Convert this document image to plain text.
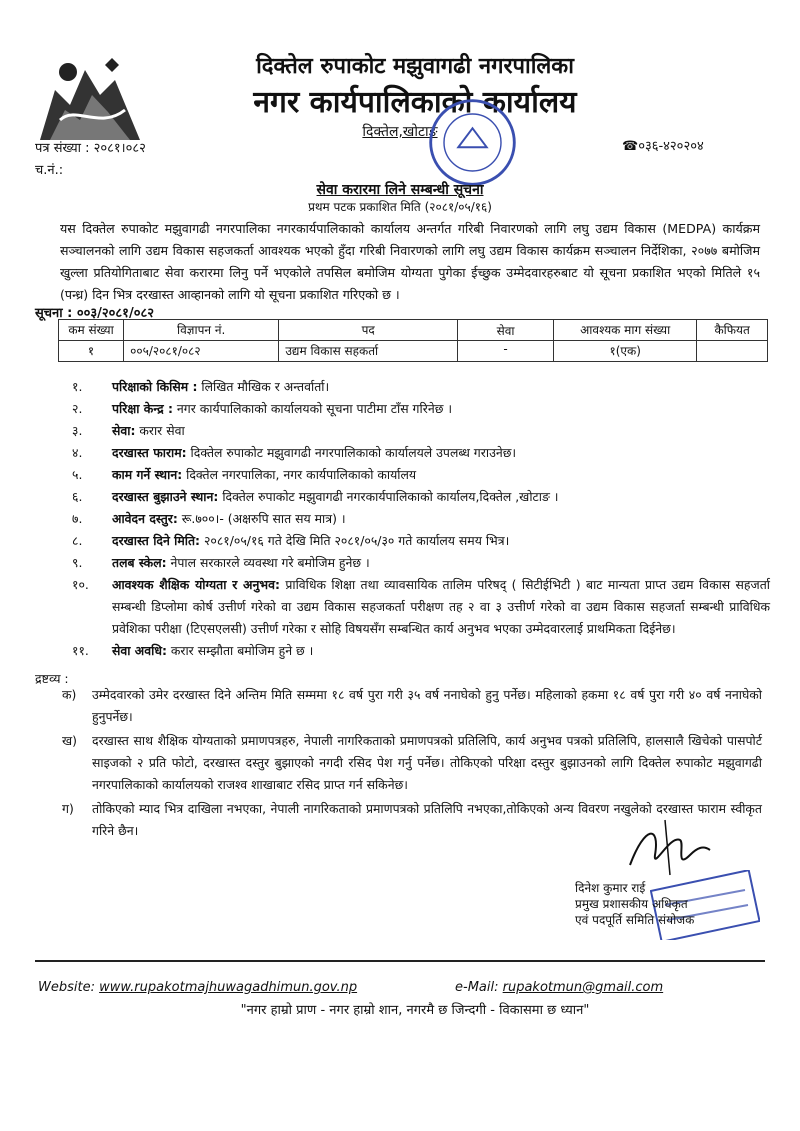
दिक्तेल रुपाकोट मझुवागढी नगरपालिका
नगर कार्यपालिकाको कार्यालय
दिक्तेल,खोटाङ
पत्र संख्या : २०८१।०८२
च.नं.:
☎०३६-४२०२०४
सेवा करारमा लिने सम्बन्धी सूचना
प्रथम पटक प्रकाशित मिति (२०८१/०५/१६)
यस दिक्तेल रुपाकोट मझुवागढी नगरपालिका नगरकार्यपालिकाको कार्यालय अन्तर्गत गरिबी निवारणको लागि लघु उद्यम विकास (MEDPA) कार्यक्रम सञ्चालनको लागि उद्यम विकास सहजकर्ता आवश्यक भएको हुँदा गरिबी निवारणको लागि लघु उद्यम विकास कार्यक्रम सञ्चालन निर्देशिका, २०७७ बमोजिम खुल्ला प्रतियोगिताबाट सेवा करारमा लिनु पर्ने भएकोले तपसिल बमोजिम योग्यता पुगेका ईच्छुक उम्मेदवारहरुबाट यो सूचना प्रकाशित भएको मितिले १५ (पन्ध्र) दिन भित्र दरखास्त आव्हानको लागि यो सूचना प्रकाशित गरिएको छ ।
सूचना : ००३/२०८१/०८२
कम संख्या	विज्ञापन नं.	पद	सेवा	आवश्यक माग संख्या	कैफियत
१	००५/२०८१/०८२	उद्यम विकास सहकर्ता	-	१(एक)	
१.	परिक्षाको किसिम : लिखित मौखिक र अन्तर्वार्ता।
२.	परिक्षा केन्द्र : नगर कार्यपालिकाको कार्यालयको सूचना पाटीमा टाँस गरिनेछ ।
३.	सेवा: करार सेवा
४.	दरखास्त फाराम: दिक्तेल रुपाकोट मझुवागढी नगरपालिकाको कार्यालयले उपलब्ध गराउनेछ।
५.	काम गर्ने स्थान: दिक्तेल नगरपालिका, नगर कार्यपालिकाको कार्यालय
६.	दरखास्त बुझाउने स्थान: दिक्तेल रुपाकोट मझुवागढी नगरकार्यपालिकाको कार्यालय,दिक्तेल ,खोटाङ ।
७.	आवेदन दस्तुर: रू.७००।- (अक्षरुपि सात सय मात्र) ।
८.	दरखास्त दिने मिति: २०८१/०५/१६ गते देखि मिति २०८१/०५/३० गते कार्यालय समय भित्र।
९.	तलब स्केल: नेपाल सरकारले व्यवस्था गरे बमोजिम हुनेछ ।
१०.	आवश्यक शैक्षिक योग्यता र अनुभव: प्राविधिक शिक्षा तथा व्यावसायिक तालिम परिषद् ( सिटीईभिटी ) बाट मान्यता प्राप्त उद्यम विकास सहजर्ता सम्बन्धी डिप्लोमा कोर्ष उत्तीर्ण गरेको वा उद्यम विकास सहजकर्ता परीक्षण तह २ वा ३ उत्तीर्ण गरेको वा उद्यम विकास सहजर्ता सम्बन्धी प्राविधिक प्रवेशिका परीक्षा (टिएसएलसी) उत्तीर्ण गरेका र सोहि विषयसँग सम्बन्धित कार्य अनुभव भएका उम्मेदवारलाई प्राथमिकता दिईनेछ।
११.	सेवा अवधि: करार सम्झौता बमोजिम हुने छ ।
द्रष्टव्य :
क)	उम्मेदवारको उमेर दरखास्त दिने अन्तिम मिति सम्ममा १८ वर्ष पुरा गरी ३५ वर्ष ननाघेको हुनु पर्नेछ। महिलाको हकमा १८ वर्ष पुरा गरी ४० वर्ष ननाघेको हुनुपर्नेछ।
ख)	दरखास्त साथ शैक्षिक योग्यताको प्रमाणपत्रहरु, नेपाली नागरिकताको प्रमाणपत्रको प्रतिलिपि, कार्य अनुभव पत्रको प्रतिलिपि, हालसालै खिचेको पासपोर्ट साइजको २ प्रति फोटो, दरखास्त दस्तुर बुझाएको नगदी रसिद पेश गर्नु पर्नेछ। तोकिएको परिक्षा दस्तुर बुझाउनको लागि दिक्तेल रुपाकोट मझुवागढी नगरपालिकाको कार्यालयको राजश्व शाखाबाट रसिद प्राप्त गर्न सकिनेछ।
ग)	तोकिएको म्याद भित्र दाखिला नभएका, नेपाली नागरिकताको प्रमाणपत्रको प्रतिलिपि नभएका,तोकिएको अन्य विवरण नखुलेको दरखास्त फाराम स्वीकृत गरिने छैन।
दिनेश कुमार राई
प्रमुख प्रशासकीय अधिकृत
एवं पदपूर्ति समिति संयोजक
Website: www.rupakotmajhuwagadhimun.gov.np	e-Mail: rupakotmun@gmail.com
"नगर हाम्रो प्राण - नगर हाम्रो शान, नगरमै छ जिन्दगी - विकासमा छ ध्यान"
